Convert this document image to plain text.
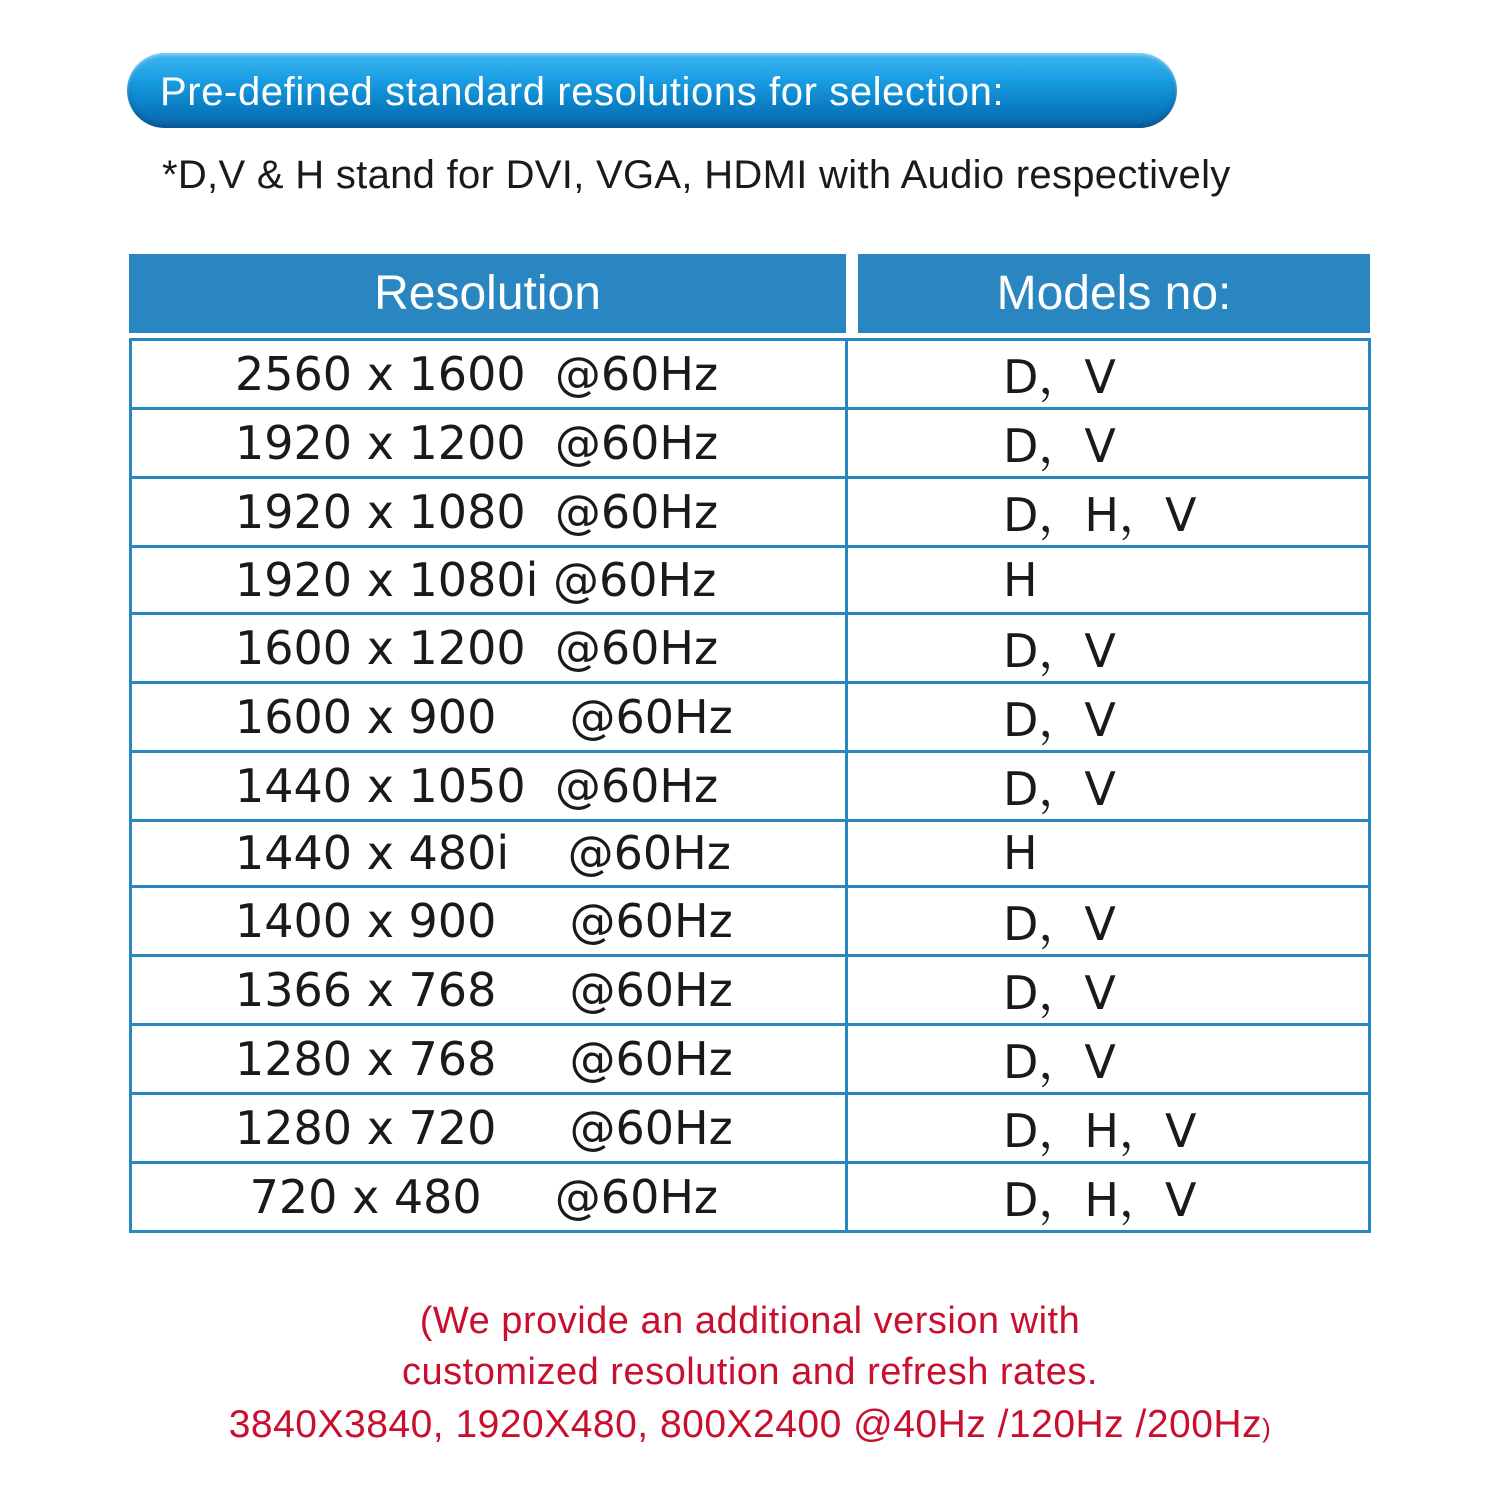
Pre-defined standard resolutions for selection:
*D,V & H stand for DVI, VGA, HDMI with Audio respectively
Resolution	Models no:
2560 x 1600  @60Hz	D，V
1920 x 1200  @60Hz	D，V
1920 x 1080  @60Hz	D，H，V
1920 x 1080i @60Hz	H
1600 x 1200  @60Hz	D，V
1600 x 900     @60Hz	D，V
1440 x 1050  @60Hz	D，V
1440 x 480i    @60Hz	H
1400 x 900     @60Hz	D，V
1366 x 768     @60Hz	D，V
1280 x 768     @60Hz	D，V
1280 x 720     @60Hz	D，H，V
720 x 480     @60Hz	D，H，V
(We provide an additional version with
customized resolution and refresh rates.
3840X3840, 1920X480, 800X2400 @40Hz /120Hz /200Hz)
